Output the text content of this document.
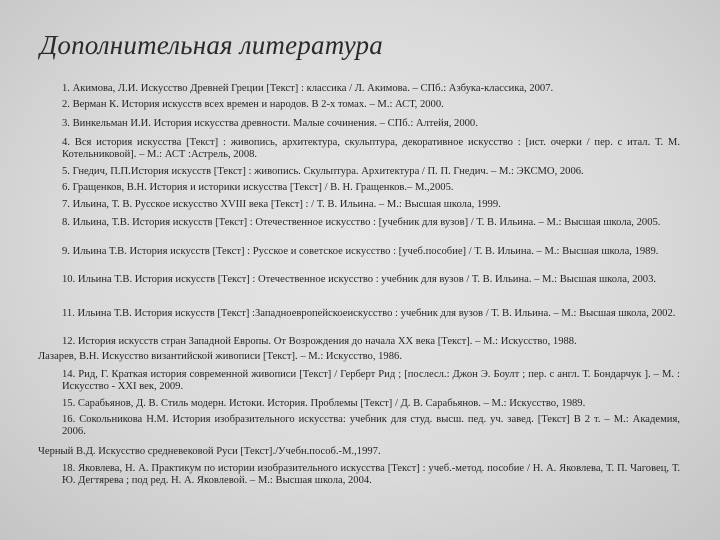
Дополнительная литература
1. Акимова, Л.И. Искусство Древней Греции [Текст] : классика / Л. Акимова. – СПб.: Азбука-классика, 2007.
2. Верман К. История искусств всех времен и народов. В 2-х томах. – М.: АСТ, 2000.
3. Винкельман И.И. История искусства древности. Малые сочинения. – СПб.: Алтейя, 2000.
4. Вся история искусства [Текст] : живопись, архитектура, скульптура, декоративное искусство : [ист. очерки / пер. с итал. Т. М. Котельниковой]. – М.: АСТ :Астрель, 2008.
5. Гнедич, П.П.История искусств [Текст] : живопись. Скульптура. Архитектура / П. П. Гнедич. – М.: ЭКСМО, 2006.
6. Гращенков, В.Н. История и историки искусства [Текст] / В. Н. Гращенков.– М.,2005.
7. Ильина, Т. В. Русское искусство XVIII века [Текст] : / Т. В. Ильина. – М.: Высшая школа, 1999.
8. Ильина, Т.В. История искусств [Текст] : Отечественное искусство : [учебник для вузов] / Т. В. Ильина. – М.: Высшая школа, 2005.
9. Ильина Т.В. История искусств [Текст] : Русское и советское искусство : [учеб.пособие] / Т. В. Ильина. – М.: Высшая школа, 1989.
10. Ильина Т.В. История искусств [Текст] : Отечественное искусство : учебник для вузов / Т. В. Ильина. – М.: Высшая школа, 2003.
11. Ильина Т.В. История искусств [Текст] :Западноевропейскоеискусство : учебник для вузов / Т. В. Ильина. – М.: Высшая школа, 2002.
12. История искусств стран Западной Европы. От Возрождения до начала XX века [Текст]. – М.: Искусство, 1988.
Лазарев, В.Н. Искусство византийской живописи [Текст]. – М.: Искусство, 1986.
14. Рид, Г. Краткая история современной живописи [Текст] / Герберт Рид ; [послесл.: Джон Э. Боулт ; пер. с англ. Т. Бондарчук ]. – М. : Искусство - XXI век, 2009.
15. Сарабьянов, Д. В. Стиль модерн. Истоки. История. Проблемы [Текст] / Д. В. Сарабьянов. – М.: Искусство, 1989.
16. Сокольникова Н.М. История изобразительного искусства: учебник для студ. высш. пед. уч. завед. [Текст] В 2 т. – М.: Академия, 2006.
Черный В.Д. Искусство средневековой Руси [Текст]./Учебн.пособ.-М.,1997.
18. Яковлева, Н. А. Практикум по истории изобразительного искусства [Текст] : учеб.-метод. пособие / Н. А. Яковлева, Т. П. Чаговец, Т. Ю. Дегтярева ; под ред. Н. А. Яковлевой. – М.: Высшая школа, 2004.
